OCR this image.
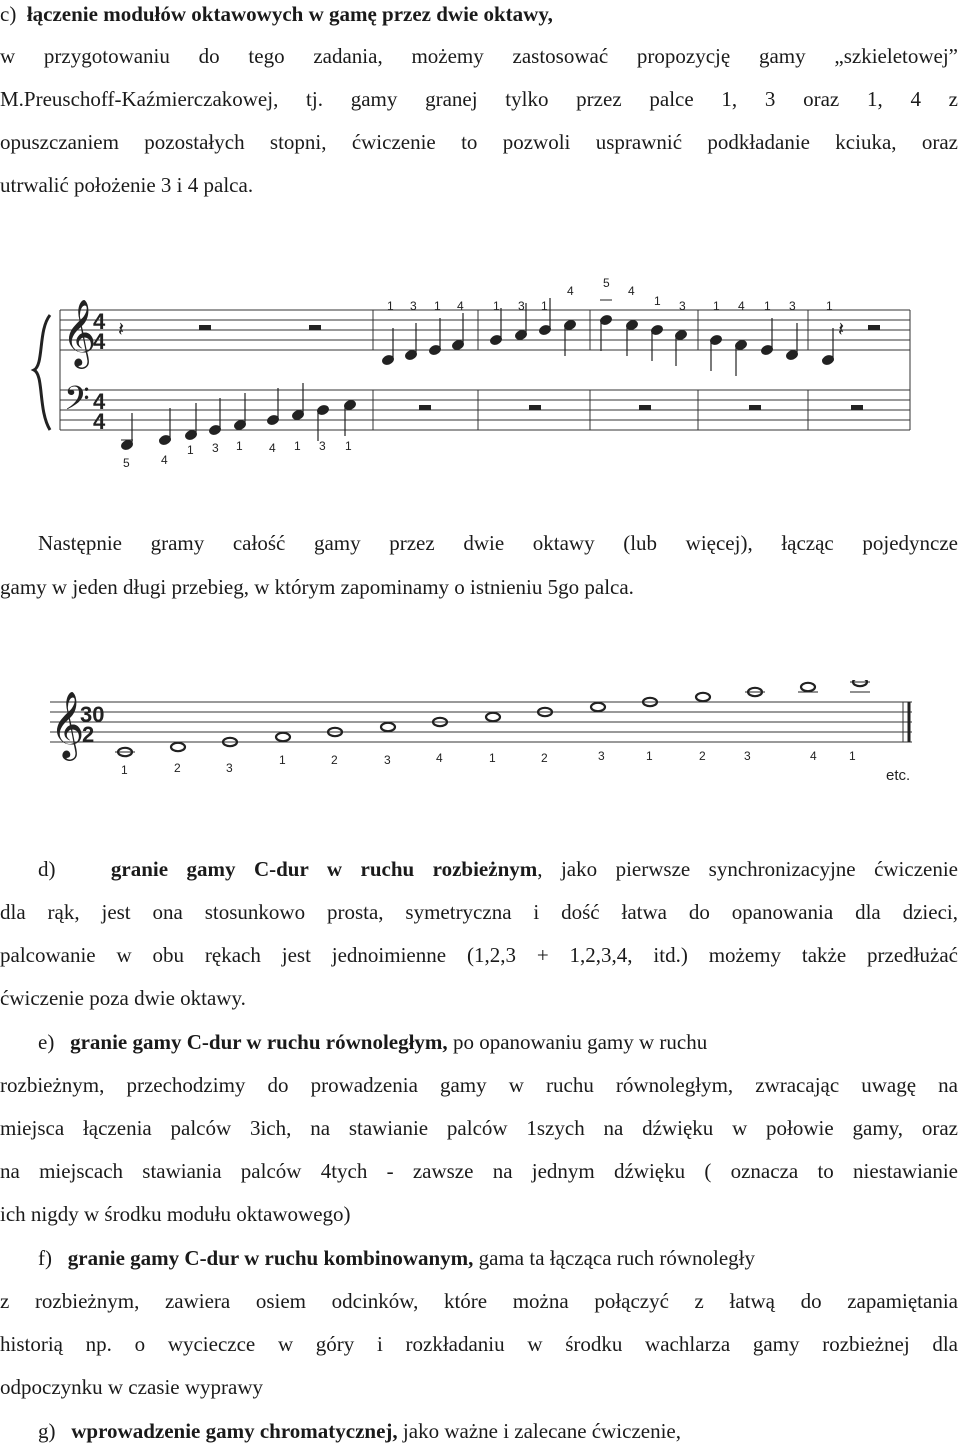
c) łączenie modułów oktawowych w gamę przez dwie oktawy,
w przygotowaniu do tego zadania, możemy zastosować propozycję gamy „szkieletowej”
M.Preuschoff-Kaźmierczakowej, tj. gamy granej tylko przez palce 1, 3 oraz 1, 4 z
opuszczaniem pozostałych stopni, ćwiczenie to pozwoli usprawnić podkładanie kciuka, oraz
utrwalić położenie 3 i 4 palca.
𝄞
𝄢
4
4
4
4
𝄽	𝄽
1 3 1 4 1 3 1
4
5
4
1 3 1 4 1 3	1
5	4
1 3 1 4 1 3 1
Następnie gramy całość gamy przez dwie oktawy (lub więcej), łącząc pojedyncze
gamy w jeden długi przebieg, w którym zapominamy o istnieniu 5go palca.
𝄞
30
2
1	2	3
1	2	3	4	1	2	3	1	2	3	4	1
etc.
d)	granie gamy C-dur w ruchu rozbieżnym, jako pierwsze synchronizacyjne ćwiczenie
dla rąk, jest ona stosunkowo prosta, symetryczna i dość łatwa do opanowania dla dzieci,
palcowanie w obu rękach jest jednoimienne (1,2,3 + 1,2,3,4, itd.) możemy także przedłużać
ćwiczenie poza dwie oktawy.
e) granie gamy C-dur w ruchu równoległym, po opanowaniu gamy w ruchu
rozbieżnym, przechodzimy do prowadzenia gamy w ruchu równoległym, zwracając uwagę na
miejsca łączenia palców 3ich, na stawianie palców 1szych na dźwięku w połowie gamy, oraz
na miejscach stawiania palców 4tych - zawsze na jednym dźwięku ( oznacza to niestawianie
ich nigdy w środku modułu oktawowego)
f) granie gamy C-dur w ruchu kombinowanym, gama ta łącząca ruch równoległy
z rozbieżnym, zawiera osiem odcinków, które można połączyć z łatwą do zapamiętania
historią np. o wycieczce w góry i rozkładaniu w środku wachlarza gamy rozbieżnej dla
odpoczynku w czasie wyprawy
g) wprowadzenie gamy chromatycznej, jako ważne i zalecane ćwiczenie,
